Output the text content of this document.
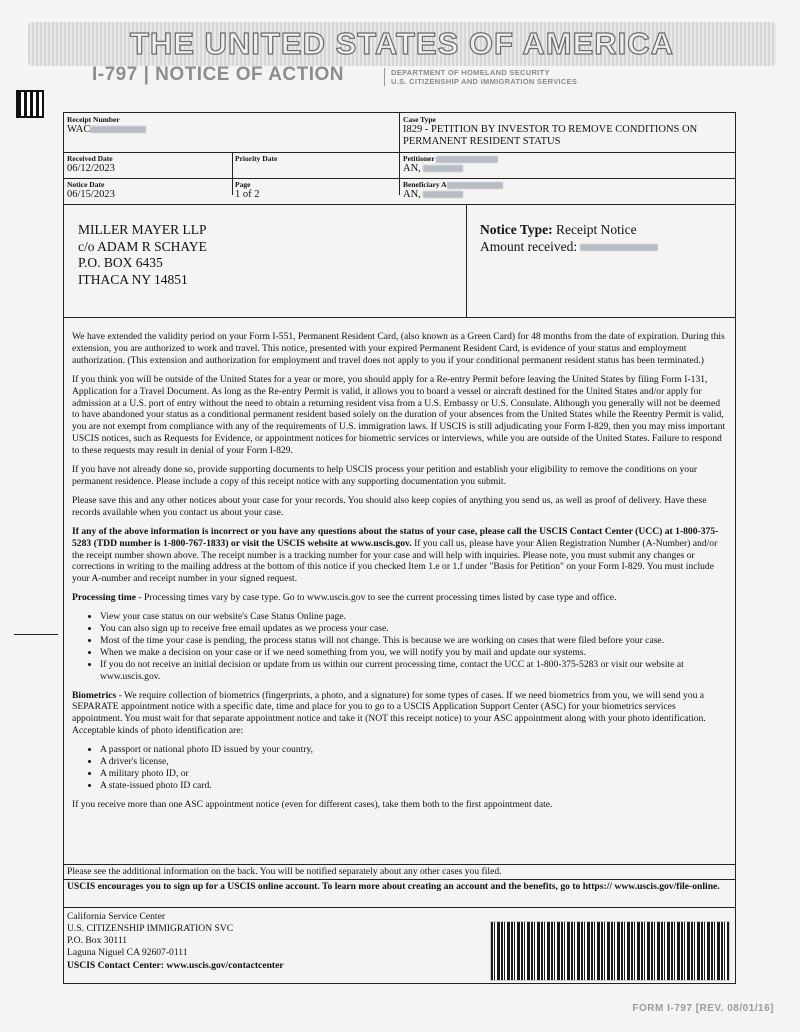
THE UNITED STATES OF AMERICA
I-797 | NOTICE OF ACTION	DEPARTMENT OF HOMELAND SECURITY
U.S. CITIZENSHIP AND IMMIGRATION SERVICES
Receipt Number
WAC
Case Type
I829 - PETITION BY INVESTOR TO REMOVE CONDITIONS ON PERMANENT RESIDENT STATUS
Received Date
06/12/2023
Priority Date	Petitioner
AN,
Notice Date
06/15/2023
Page
1 of 2
Beneficiary A
AN,
MILLER MAYER LLP
c/o ADAM R SCHAYE
P.O. BOX 6435
ITHACA NY 14851
Notice Type: Receipt Notice
Amount received:

We have extended the validity period on your Form I-551, Permanent Resident Card, (also known as a Green Card) for 48 months from the date of expiration. During this extension, you are authorized to work and travel. This notice, presented with your expired Permanent Resident Card, is evidence of your status and employment authorization. (This extension and authorization for employment and travel does not apply to you if your conditional permanent resident status has been terminated.)

If you think you will be outside of the United States for a year or more, you should apply for a Re-entry Permit before leaving the United States by filing Form I-131, Application for a Travel Document. As long as the Re-entry Permit is valid, it allows you to board a vessel or aircraft destined for the United States and/or apply for admission at a U.S. port of entry without the need to obtain a returning resident visa from a U.S. Embassy or U.S. Consulate. Although you generally will not be deemed to have abandoned your status as a conditional permanent resident based solely on the duration of your absences from the United States while the Reentry Permit is valid, you are not exempt from compliance with any of the requirements of U.S. immigration laws. If USCIS is still adjudicating your Form I-829, then you may miss important USCIS notices, such as Requests for Evidence, or appointment notices for biometric services or interviews, while you are outside of the United States. Failure to respond to these requests may result in denial of your Form I-829.

If you have not already done so, provide supporting documents to help USCIS process your petition and establish your eligibility to remove the conditions on your permanent residence. Please include a copy of this receipt notice with any supporting documentation you submit.

Please save this and any other notices about your case for your records. You should also keep copies of anything you send us, as well as proof of delivery. Have these records available when you contact us about your case.

If any of the above information is incorrect or you have any questions about the status of your case, please call the USCIS Contact Center (UCC) at 1-800-375-5283 (TDD number is 1-800-767-1833) or visit the USCIS website at www.uscis.gov. If you call us, please have your Alien Registration Number (A-Number) and/or the receipt number shown above. The receipt number is a tracking number for your case and will help with inquiries. Please note, you must submit any changes or corrections in writing to the mailing address at the bottom of this notice if you checked Item 1.e or 1.f under "Basis for Petition" on your Form I-829. You must include your A-number and receipt number in your signed request.

Processing time - Processing times vary by case type. Go to www.uscis.gov to see the current processing times listed by case type and office.

• View your case status on our website's Case Status Online page.
• You can also sign up to receive free email updates as we process your case.
• Most of the time your case is pending, the process status will not change. This is because we are working on cases that were filed before your case.
• When we make a decision on your case or if we need something from you, we will notify you by mail and update our systems.
• If you do not receive an initial decision or update from us within our current processing time, contact the UCC at 1-800-375-5283 or visit our website at www.uscis.gov.

Biometrics - We require collection of biometrics (fingerprints, a photo, and a signature) for some types of cases. If we need biometrics from you, we will send you a SEPARATE appointment notice with a specific date, time and place for you to go to a USCIS Application Support Center (ASC) for your biometrics services appointment. You must wait for that separate appointment notice and take it (NOT this receipt notice) to your ASC appointment along with your photo identification. Acceptable kinds of photo identification are:

• A passport or national photo ID issued by your country,
• A driver's license,
• A military photo ID, or
• A state-issued photo ID card.

If you receive more than one ASC appointment notice (even for different cases), take them both to the first appointment date.

Please see the additional information on the back. You will be notified separately about any other cases you filed.
USCIS encourages you to sign up for a USCIS online account. To learn more about creating an account and the benefits, go to https:// www.uscis.gov/file-online.
California Service Center
U.S. CITIZENSHIP IMMIGRATION SVC
P.O. Box 30111
Laguna Niguel CA 92607-0111
USCIS Contact Center: www.uscis.gov/contactcenter
FORM I-797 [REV. 08/01/16]
